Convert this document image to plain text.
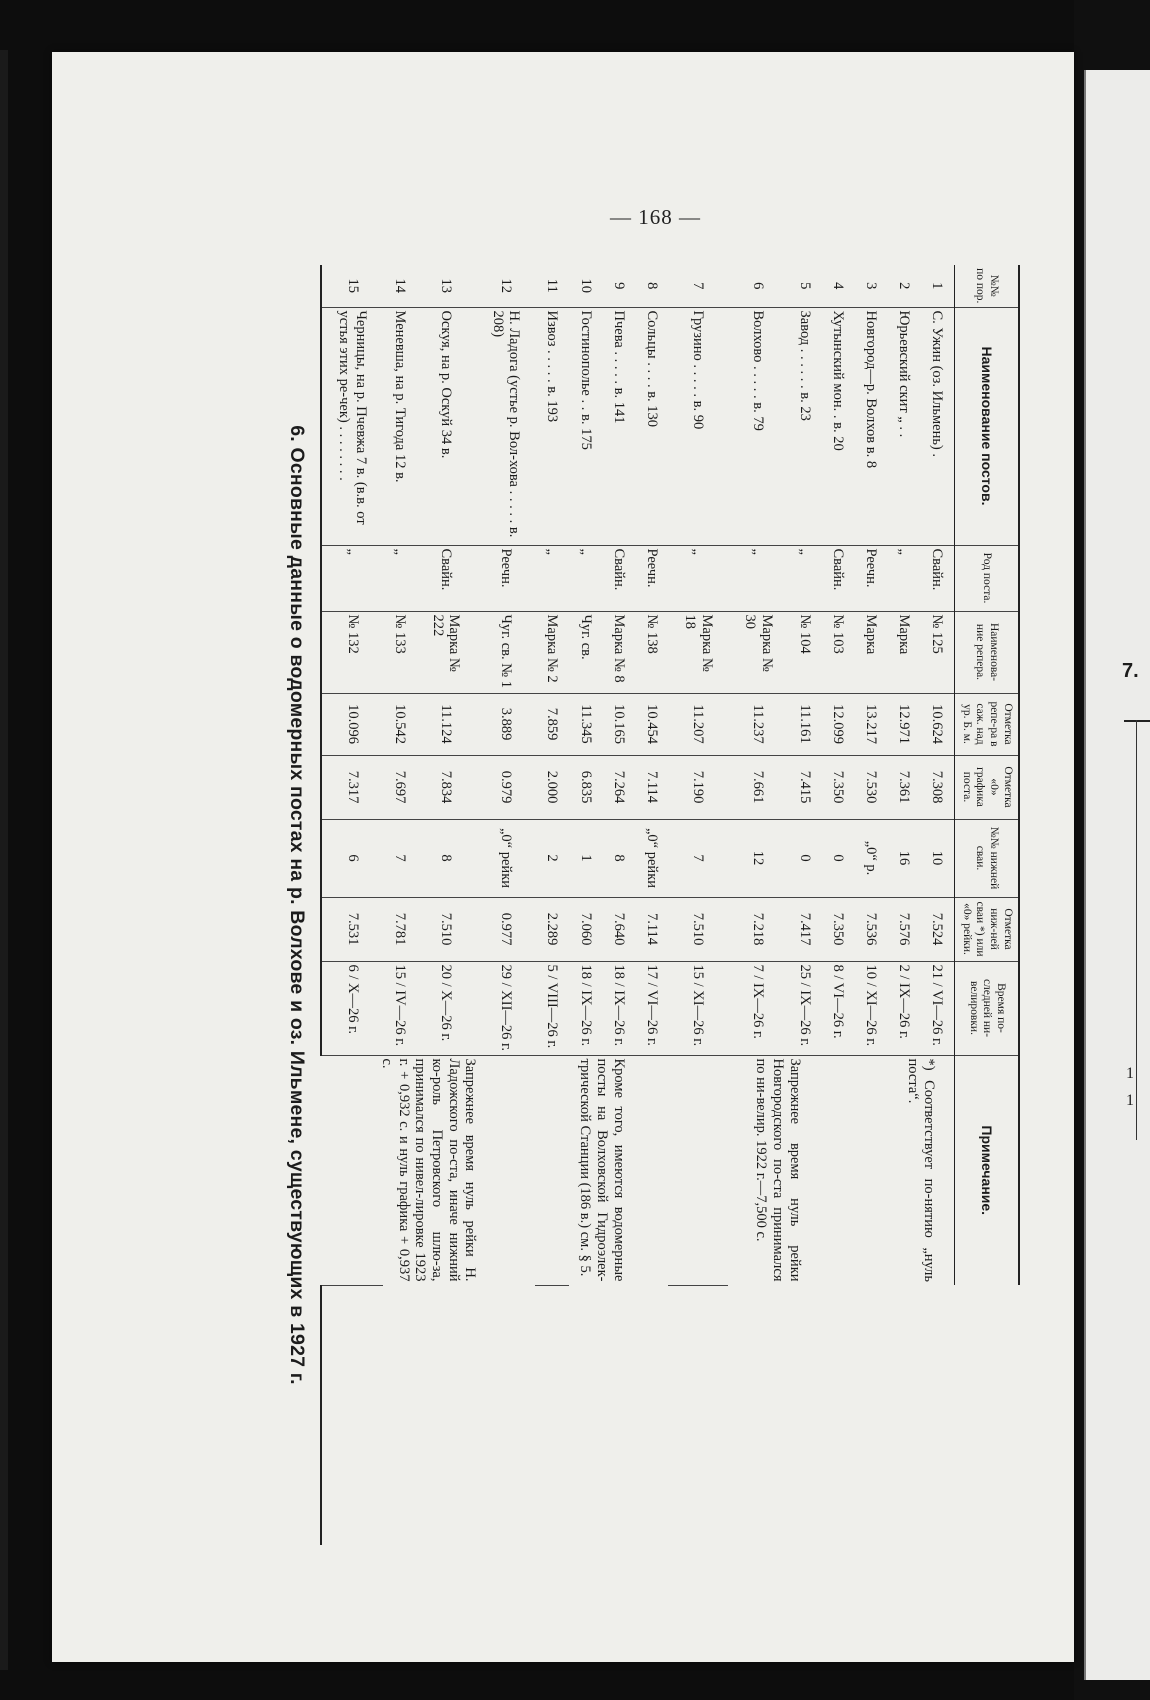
7.
1
1
— 168 —
6. Основные данные о водомерных постах на р. Волхове и оз. Ильмене, существующих в 1927 г.
№№ по пор.	Наименование постов.	Род поста.	Наименова-ние репера.	Отметка репе-ра в саж. над ур. Б. м.	Отметка «0» графика поста.	№№ нижней сваи.	Отметка ниж-ней сваи *) или «0» рейки.	Время по-следней ни-велировки.	Примечание.	
1	С. Ужин (оз. Ильмень) .	Свайн.	№ 125	10.624	7.308	10	7.524	21 / VI—26 г.	*) Соответствует по-нятию „нуль поста“.	
2	Юрьевский скит „ . .	„	Марка	12.971	7.361	16	7.576	2 / IX—26 г.		
3	Новгород—р. Волхов в. 8	Реечн.	Марка	13.217	7.530	„0“ р.	7.536	10 / XI—26 г.	Запрежнее время нуль рейки Новгородского по-ста принимался по ни-велир. 1922 г.—7,500 с.	
4	Хутынский мон. . в. 20	Свайн.	№ 103	12.099	7.350	0	7.350	8 / VI—26 г.		
5	Завод . . . . . . в. 23	„	№ 104	11.161	7.415	0	7.417	25 / IX—26 г.		
6	Волхово . . . . . в. 79	„	Марка № 30	11.237	7.661	12	7.218	7 / IX—26 г.		
7	Грузино . . . . . в. 90	„	Марка № 18	11.207	7.190	7	7.510	15 / XI—26 г.		
8	Сольцы . . . . в. 130	Реечн.	№ 138	10.454	7.114	„0“ рейки	7.114	17 / VI—26 г.	Кроме того, имеются водомерные посты на Волховской Гидроэлек-трической Станции (186 в.) см. § 5.	
9	Пчева . . . . . в. 141	Свайн.	Марка № 8	10.165	7.264	8	7.640	18 / IX—26 г.		
10	Гостинополье . . в. 175	„	Чуг. св.	11.345	6.835	1	7.060	18 / IX—26 г.		
11	Извоз . . . . . в. 193	„	Марка № 2	7.859	2.000	2	2.289	5 / VIII—26 г.		
12	Н. Ладога (устье р. Вол-хова . . . . . в. 208)	Реечн.	Чуг. св. № 1	3.889	0.979	„0“ рейки	0.977	29 / XII—26 г.	Запрежнее время нуль рейки Н. Ладожского по-ста, иначе нижний ко-роль Петровского шлю-за, принимался по нивел-лировке 1923 г. + 0,932 с. и нуль графика + 0,937 с.	
13	Оскуя, на р. Оскуй 34 в.	Свайн.	Марка № 222	11.124	7.834	8	7.510	20 / X—26 г.		
14	Меневша, на р. Тигода 12 в.	„	№ 133	10.542	7.697	7	7.781	15 / IV—26 г.		
15	Черницы, на р. Пчевжа 7 в. (в.в. от устья этих ре-чек) . . . . . . . .	„	№ 132	10.096	7.317	6	7.531	6 / X—26 г.		
